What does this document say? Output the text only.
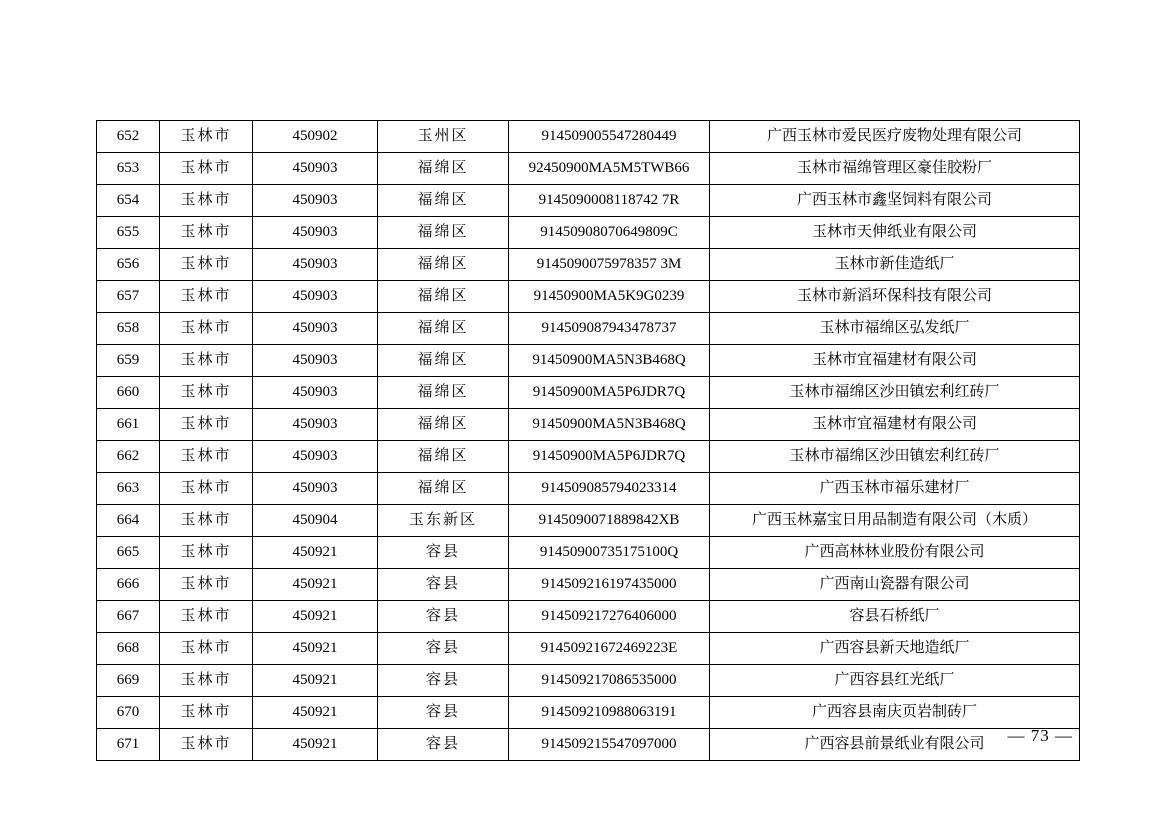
652	玉林市	450902	玉州区	914509005547280449	广西玉林市爱民医疗废物处理有限公司
653	玉林市	450903	福绵区	92450900MA5M5TWB66	玉林市福绵管理区豪佳胶粉厂
654	玉林市	450903	福绵区	9145090008118742 7R	广西玉林市鑫坚饲料有限公司
655	玉林市	450903	福绵区	91450908070649809C	玉林市天伸纸业有限公司
656	玉林市	450903	福绵区	9145090075978357 3M	玉林市新佳造纸厂
657	玉林市	450903	福绵区	91450900MA5K9G0239	玉林市新滔环保科技有限公司
658	玉林市	450903	福绵区	914509087943478737	玉林市福绵区弘发纸厂
659	玉林市	450903	福绵区	91450900MA5N3B468Q	玉林市宜福建材有限公司
660	玉林市	450903	福绵区	91450900MA5P6JDR7Q	玉林市福绵区沙田镇宏利红砖厂
661	玉林市	450903	福绵区	91450900MA5N3B468Q	玉林市宜福建材有限公司
662	玉林市	450903	福绵区	91450900MA5P6JDR7Q	玉林市福绵区沙田镇宏利红砖厂
663	玉林市	450903	福绵区	914509085794023314	广西玉林市福乐建材厂
664	玉林市	450904	玉东新区	9145090071889842XB	广西玉林嘉宝日用品制造有限公司（木质）
665	玉林市	450921	容县	91450900735175100Q	广西高林林业股份有限公司
666	玉林市	450921	容县	914509216197435000	广西南山瓷器有限公司
667	玉林市	450921	容县	914509217276406000	容县石桥纸厂
668	玉林市	450921	容县	91450921672469223E	广西容县新天地造纸厂
669	玉林市	450921	容县	914509217086535000	广西容县红光纸厂
670	玉林市	450921	容县	914509210988063191	广西容县南庆页岩制砖厂
671	玉林市	450921	容县	914509215547097000	广西容县前景纸业有限公司 — 73 —
